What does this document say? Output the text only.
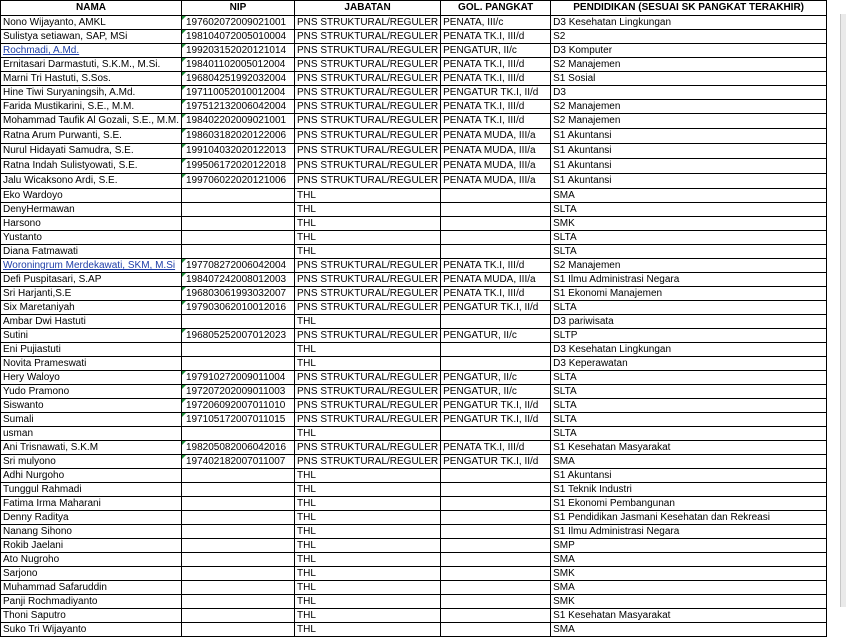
NAMA	NIP	JABATAN	GOL. PANGKAT	PENDIDIKAN (SESUAI SK PANGKAT TERAKHIR)
Nono Wijayanto, AMKL	197602072009021001	PNS STRUKTURAL/REGULER	PENATA, III/c	D3 Kesehatan Lingkungan
Sulistya setiawan, SAP, MSi	198104072005010004	PNS STRUKTURAL/REGULER	PENATA TK.I, III/d	S2
Rochmadi, A.Md.	199203152020121014	PNS STRUKTURAL/REGULER	PENGATUR, II/c	D3 Komputer
Ernitasari Darmastuti, S.K.M., M.Si.	198401102005012004	PNS STRUKTURAL/REGULER	PENATA TK.I, III/d	S2 Manajemen
Marni Tri Hastuti, S.Sos.	196804251992032004	PNS STRUKTURAL/REGULER	PENATA TK.I, III/d	S1 Sosial
Hine Tiwi Suryaningsih, A.Md.	197110052010012004	PNS STRUKTURAL/REGULER	PENGATUR TK.I, II/d	D3
Farida Mustikarini, S.E., M.M.	197512132006042004	PNS STRUKTURAL/REGULER	PENATA TK.I, III/d	S2 Manajemen
Mohammad Taufik Al Gozali, S.E., M.M.	198402202009021001	PNS STRUKTURAL/REGULER	PENATA TK.I, III/d	S2 Manajemen
Ratna Arum Purwanti, S.E.	198603182020122006	PNS STRUKTURAL/REGULER	PENATA MUDA, III/a	S1 Akuntansi
Nurul Hidayati Samudra, S.E.	199104032020122013	PNS STRUKTURAL/REGULER	PENATA MUDA, III/a	S1 Akuntansi
Ratna Indah Sulistyowati, S.E.	199506172020122018	PNS STRUKTURAL/REGULER	PENATA MUDA, III/a	S1 Akuntansi
Jalu Wicaksono Ardi, S.E.	199706022020121006	PNS STRUKTURAL/REGULER	PENATA MUDA, III/a	S1 Akuntansi
Eko Wardoyo		THL		SMA
DenyHermawan		THL		SLTA
Harsono		THL		SMK
Yustanto		THL		SLTA
Diana Fatmawati		THL		SLTA
Woroningrum Merdekawati, SKM, M.Si	197708272006042004	PNS STRUKTURAL/REGULER	PENATA TK.I, III/d	S2 Manajemen
Defi Puspitasari, S.AP	198407242008012003	PNS STRUKTURAL/REGULER	PENATA MUDA, III/a	S1 Ilmu Administrasi Negara
Sri Harjanti,S.E	196803061993032007	PNS STRUKTURAL/REGULER	PENATA TK.I, III/d	S1 Ekonomi Manajemen
Six Maretaniyah	197903062010012016	PNS STRUKTURAL/REGULER	PENGATUR TK.I, II/d	SLTA
Ambar Dwi Hastuti		THL		D3 pariwisata
Sutini	196805252007012023	PNS STRUKTURAL/REGULER	PENGATUR, II/c	SLTP
Eni Pujiastuti		THL		D3 Kesehatan Lingkungan
Novita Prameswati		THL		D3 Keperawatan
Hery Waloyo	197910272009011004	PNS STRUKTURAL/REGULER	PENGATUR, II/c	SLTA
Yudo Pramono	197207202009011003	PNS STRUKTURAL/REGULER	PENGATUR, II/c	SLTA
Siswanto	197206092007011010	PNS STRUKTURAL/REGULER	PENGATUR TK.I, II/d	SLTA
Sumali	197105172007011015	PNS STRUKTURAL/REGULER	PENGATUR TK.I, II/d	SLTA
usman		THL		SLTA
Ani Trisnawati, S.K.M	198205082006042016	PNS STRUKTURAL/REGULER	PENATA TK.I, III/d	S1 Kesehatan Masyarakat
Sri mulyono	197402182007011007	PNS STRUKTURAL/REGULER	PENGATUR TK.I, II/d	SMA
Adhi Nurgoho		THL		S1 Akuntansi
Tunggul Rahmadi		THL		S1 Teknik Industri
Fatima Irma Maharani		THL		S1 Ekonomi Pembangunan
Denny Raditya		THL		S1 Pendidikan Jasmani Kesehatan dan Rekreasi
Nanang Sihono		THL		S1 Ilmu Administrasi Negara
Rokib Jaelani		THL		SMP
Ato Nugroho		THL		SMA
Sarjono		THL		SMK
Muhammad Safaruddin		THL		SMA
Panji Rochmadiyanto		THL		SMK
Thoni Saputro		THL		S1 Kesehatan Masyarakat
Suko Tri Wijayanto		THL		SMA
